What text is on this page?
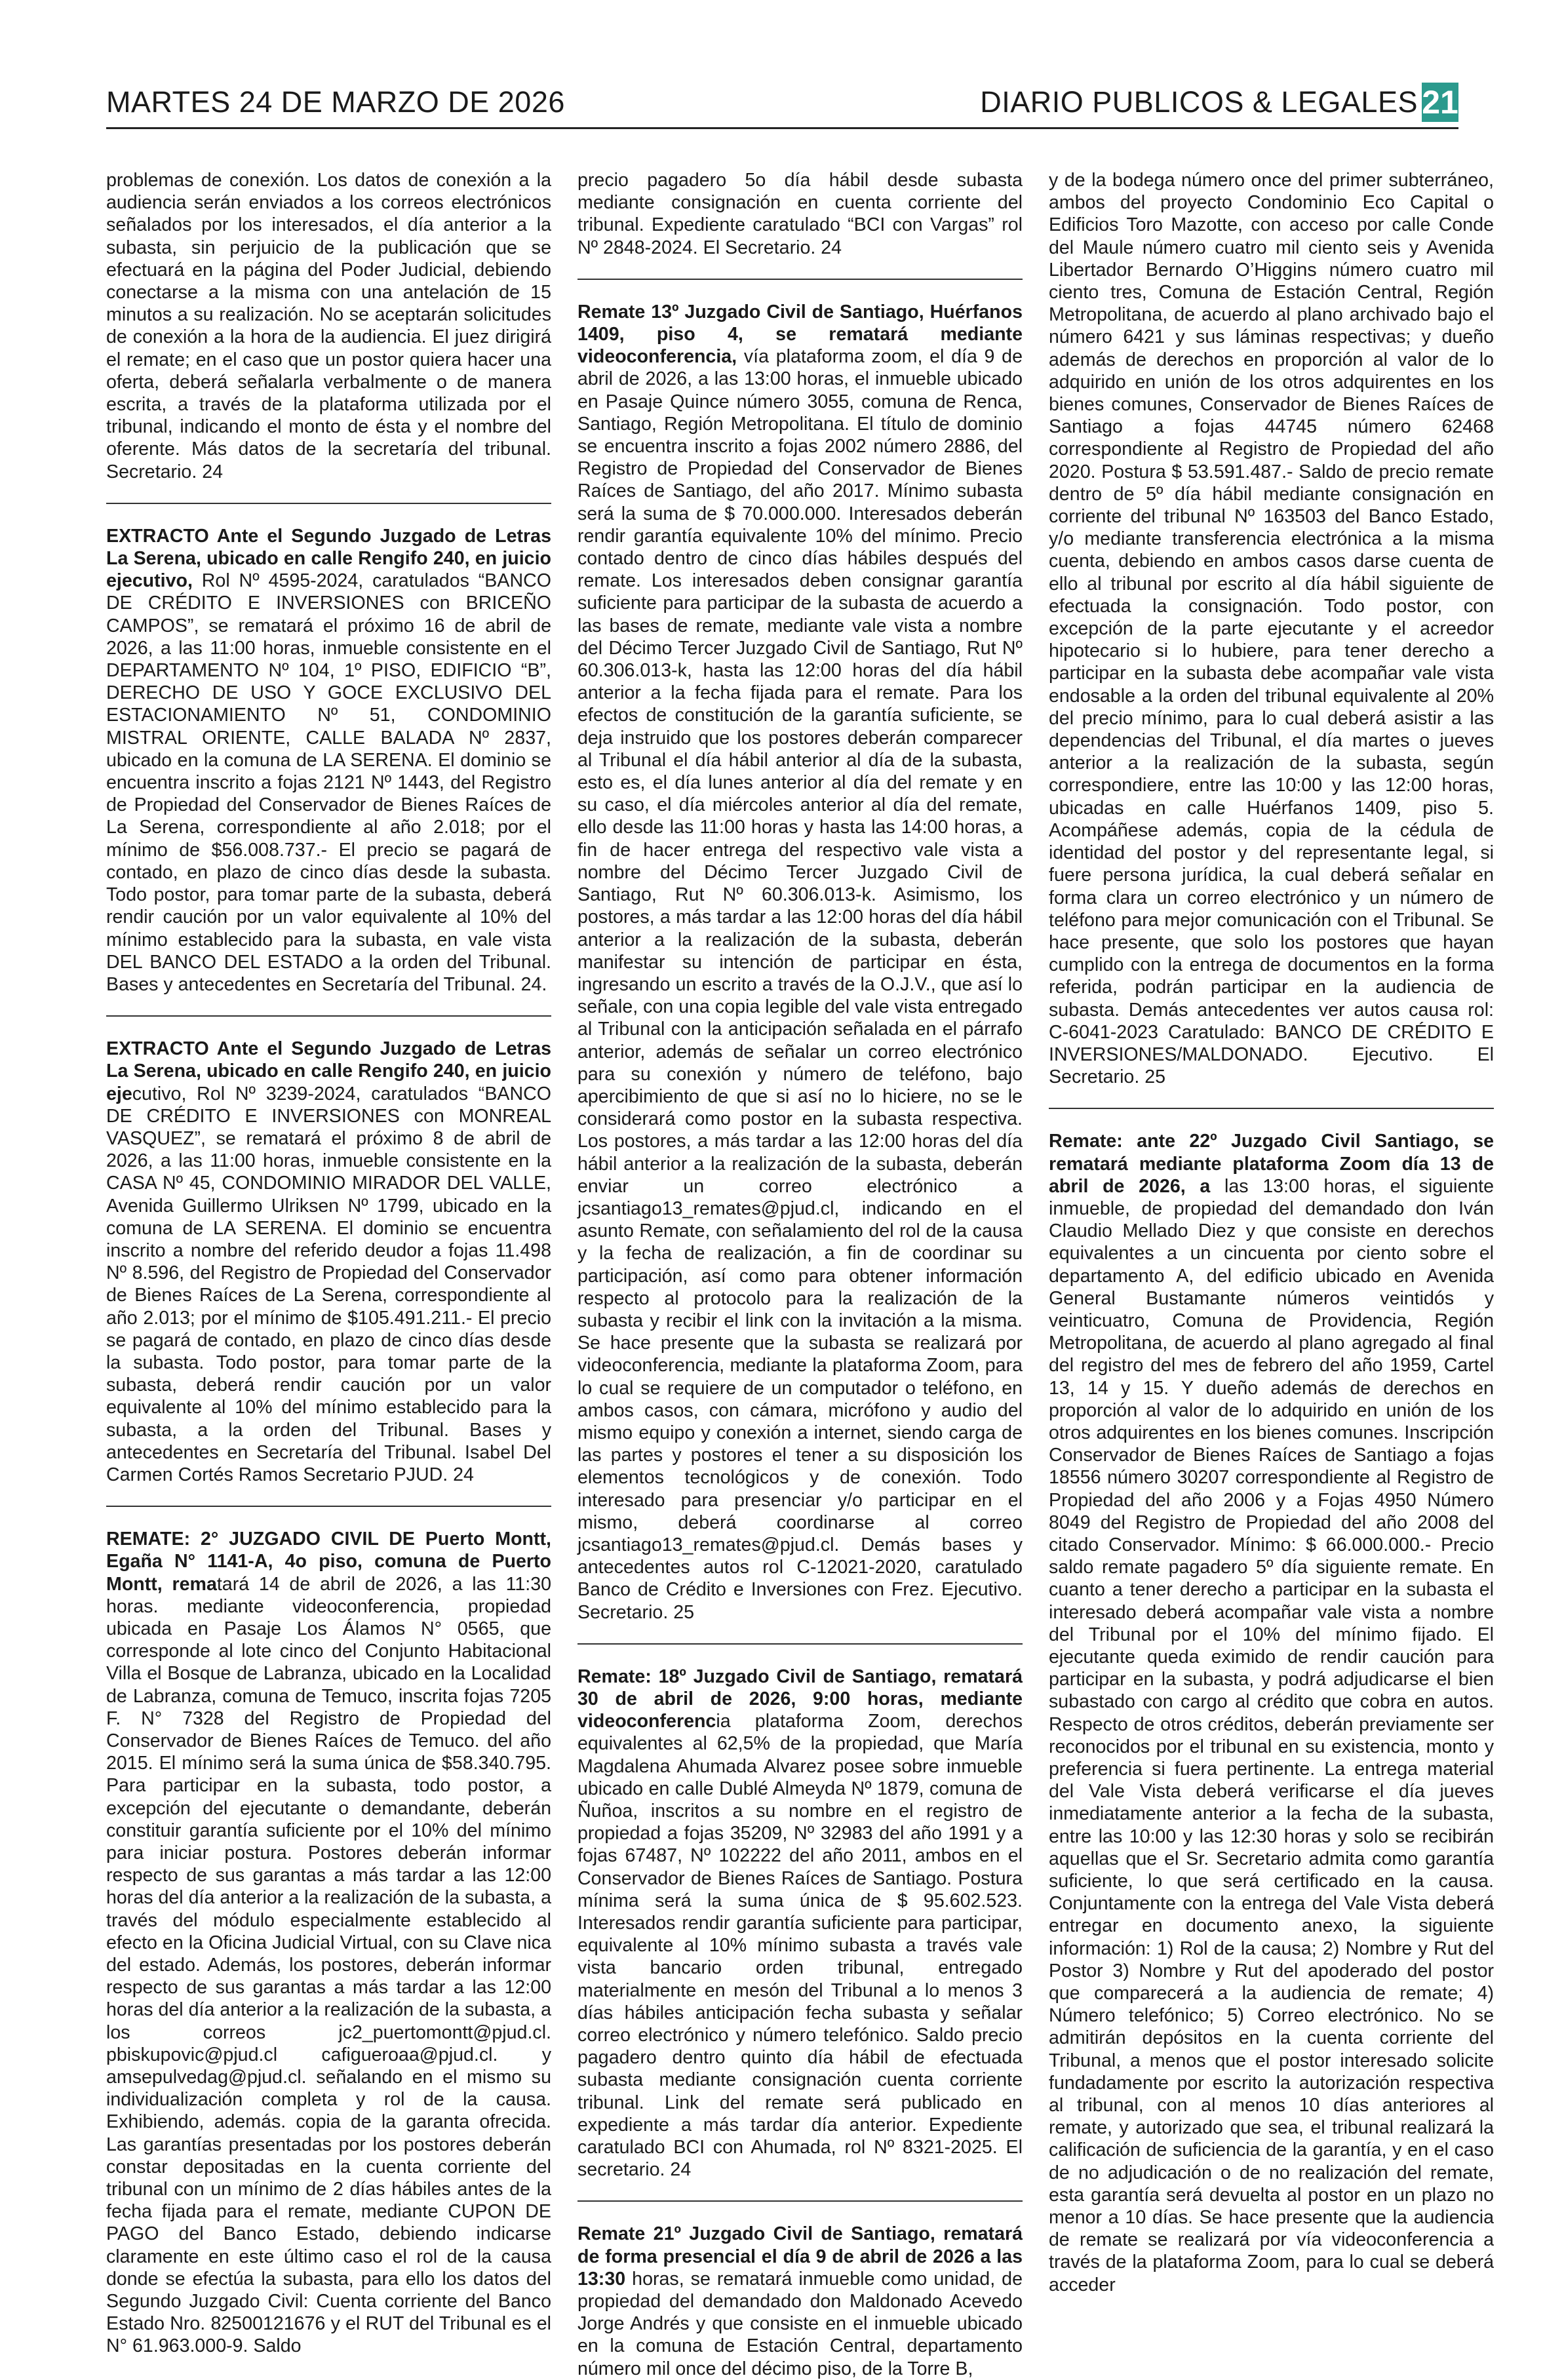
MARTES 24 DE MARZO DE 2026	DIARIO PUBLICOS & LEGALES 21
problemas de conexión. Los datos de conexión a la audiencia serán enviados a los correos electrónicos señalados por los interesados, el día anterior a la subasta, sin perjuicio de la publicación que se efectuará en la página del Poder Judicial, debiendo conectarse a la misma con una antelación de 15 minutos a su realización. No se aceptarán solicitudes de conexión a la hora de la audiencia. El juez dirigirá el remate; en el caso que un postor quiera hacer una oferta, deberá señalarla verbalmente o de manera escrita, a través de la plataforma utilizada por el tribunal, indicando el monto de ésta y el nombre del oferente. Más datos de la secretaría del tribunal. Secretario. 24
EXTRACTO Ante el Segundo Juzgado de Letras La Serena, ubicado en calle Rengifo 240, en juicio ejecutivo, Rol Nº 4595-2024, caratulados “BANCO DE CRÉDITO E INVERSIONES con BRICEÑO CAMPOS”, se rematará el próximo 16 de abril de 2026, a las 11:00 horas, inmueble consistente en el DEPARTAMENTO Nº 104, 1º PISO, EDIFICIO “B”, DERECHO DE USO Y GOCE EXCLUSIVO DEL ESTACIONAMIENTO Nº 51, CONDOMINIO MISTRAL ORIENTE, CALLE BALADA Nº 2837, ubicado en la comuna de LA SERENA. El dominio se encuentra inscrito a fojas 2121 Nº 1443, del Registro de Propiedad del Conservador de Bienes Raíces de La Serena, correspondiente al año 2.018; por el mínimo de $56.008.737.- El precio se pagará de contado, en plazo de cinco días desde la subasta. Todo postor, para tomar parte de la subasta, deberá rendir caución por un valor equivalente al 10% del mínimo establecido para la subasta, en vale vista DEL BANCO DEL ESTADO a la orden del Tribunal. Bases y antecedentes en Secretaría del Tribunal. 24.
EXTRACTO Ante el Segundo Juzgado de Letras La Serena, ubicado en calle Rengifo 240, en juicio ejecutivo, Rol Nº 3239-2024, caratulados “BANCO DE CRÉDITO E INVERSIONES con MONREAL VASQUEZ”, se rematará el próximo 8 de abril de 2026, a las 11:00 horas, inmueble consistente en la CASA Nº 45, CONDOMINIO MIRADOR DEL VALLE, Avenida Guillermo Ulriksen Nº 1799, ubicado en la comuna de LA SERENA. El dominio se encuentra inscrito a nombre del referido deudor a fojas 11.498 Nº 8.596, del Registro de Propiedad del Conservador de Bienes Raíces de La Serena, correspondiente al año 2.013; por el mínimo de $105.491.211.- El precio se pagará de contado, en plazo de cinco días desde la subasta. Todo postor, para tomar parte de la subasta, deberá rendir caución por un valor equivalente al 10% del mínimo establecido para la subasta, a la orden del Tribunal. Bases y antecedentes en Secretaría del Tribunal. Isabel Del Carmen Cortés Ramos Secretario PJUD. 24
REMATE: 2° JUZGADO CIVIL DE Puerto Montt, Egaña N° 1141-A, 4o piso, comuna de Puerto Montt, rematará 14 de abril de 2026, a las 11:30 horas. mediante videoconferencia, propiedad ubicada en Pasaje Los Álamos N° 0565, que corresponde al lote cinco del Conjunto Habitacional Villa el Bosque de Labranza, ubicado en la Localidad de Labranza, comuna de Temuco, inscrita fojas 7205 F. N° 7328 del Registro de Propiedad del Conservador de Bienes Raíces de Temuco. del año 2015. El mínimo será la suma única de $58.340.795. Para participar en la subasta, todo postor, a excepción del ejecutante o demandante, deberán constituir garantía suficiente por el 10% del mínimo para iniciar postura. Postores deberán informar respecto de sus garantas a más tardar a las 12:00 horas del día anterior a la realización de la subasta, a través del módulo especialmente establecido al efecto en la Oficina Judicial Virtual, con su Clave nica del estado. Además, los postores, deberán informar respecto de sus garantas a más tardar a las 12:00 horas del día anterior a la realización de la subasta, a los correos jc2_puertomontt@pjud.cl. pbiskupovic@pjud.cl cafigueroaa@pjud.cl. y amsepulvedag@pjud.cl. señalando en el mismo su individualización completa y rol de la causa. Exhibiendo, además. copia de la garanta ofrecida. Las garantías presentadas por los postores deberán constar depositadas en la cuenta corriente del tribunal con un mínimo de 2 días hábiles antes de la fecha fijada para el remate, mediante CUPON DE PAGO del Banco Estado, debiendo indicarse claramente en este último caso el rol de la causa donde se efectúa la subasta, para ello los datos del Segundo Juzgado Civil: Cuenta corriente del Banco Estado Nro. 82500121676 y el RUT del Tribunal es el N° 61.963.000-9. Saldo
precio pagadero 5o día hábil desde subasta mediante consignación en cuenta corriente del tribunal. Expediente caratulado “BCI con Vargas” rol Nº 2848-2024. El Secretario. 24
Remate 13º Juzgado Civil de Santiago, Huérfanos 1409, piso 4, se rematará mediante videoconferencia, vía plataforma zoom, el día 9 de abril de 2026, a las 13:00 horas, el inmueble ubicado en Pasaje Quince número 3055, comuna de Renca, Santiago, Región Metropolitana. El título de dominio se encuentra inscrito a fojas 2002 número 2886, del Registro de Propiedad del Conservador de Bienes Raíces de Santiago, del año 2017. Mínimo subasta será la suma de $ 70.000.000. Interesados deberán rendir garantía equivalente 10% del mínimo. Precio contado dentro de cinco días hábiles después del remate. Los interesados deben consignar garantía suficiente para participar de la subasta de acuerdo a las bases de remate, mediante vale vista a nombre del Décimo Tercer Juzgado Civil de Santiago, Rut Nº 60.306.013-k, hasta las 12:00 horas del día hábil anterior a la fecha fijada para el remate. Para los efectos de constitución de la garantía suficiente, se deja instruido que los postores deberán comparecer al Tribunal el día hábil anterior al día de la subasta, esto es, el día lunes anterior al día del remate y en su caso, el día miércoles anterior al día del remate, ello desde las 11:00 horas y hasta las 14:00 horas, a fin de hacer entrega del respectivo vale vista a nombre del Décimo Tercer Juzgado Civil de Santiago, Rut Nº 60.306.013-k. Asimismo, los postores, a más tardar a las 12:00 horas del día hábil anterior a la realización de la subasta, deberán manifestar su intención de participar en ésta, ingresando un escrito a través de la O.J.V., que así lo señale, con una copia legible del vale vista entregado al Tribunal con la anticipación señalada en el párrafo anterior, además de señalar un correo electrónico para su conexión y número de teléfono, bajo apercibimiento de que si así no lo hiciere, no se le considerará como postor en la subasta respectiva. Los postores, a más tardar a las 12:00 horas del día hábil anterior a la realización de la subasta, deberán enviar un correo electrónico a jcsantiago13_remates@pjud.cl, indicando en el asunto Remate, con señalamiento del rol de la causa y la fecha de realización, a fin de coordinar su participación, así como para obtener información respecto al protocolo para la realización de la subasta y recibir el link con la invitación a la misma. Se hace presente que la subasta se realizará por videoconferencia, mediante la plataforma Zoom, para lo cual se requiere de un computador o teléfono, en ambos casos, con cámara, micrófono y audio del mismo equipo y conexión a internet, siendo carga de las partes y postores el tener a su disposición los elementos tecnológicos y de conexión. Todo interesado para presenciar y/o participar en el mismo, deberá coordinarse al correo jcsantiago13_remates@pjud.cl. Demás bases y antecedentes autos rol C-12021-2020, caratulado Banco de Crédito e Inversiones con Frez. Ejecutivo. Secretario. 25
Remate: 18º Juzgado Civil de Santiago, rematará 30 de abril de 2026, 9:00 horas, mediante videoconferencia plataforma Zoom, derechos equivalentes al 62,5% de la propiedad, que María Magdalena Ahumada Alvarez posee sobre inmueble ubicado en calle Dublé Almeyda Nº 1879, comuna de Ñuñoa, inscritos a su nombre en el registro de propiedad a fojas 35209, Nº 32983 del año 1991 y a fojas 67487, Nº 102222 del año 2011, ambos en el Conservador de Bienes Raíces de Santiago. Postura mínima será la suma única de $ 95.602.523. Interesados rendir garantía suficiente para participar, equivalente al 10% mínimo subasta a través vale vista bancario orden tribunal, entregado materialmente en mesón del Tribunal a lo menos 3 días hábiles anticipación fecha subasta y señalar correo electrónico y número telefónico. Saldo precio pagadero dentro quinto día hábil de efectuada subasta mediante consignación cuenta corriente tribunal. Link del remate será publicado en expediente a más tardar día anterior. Expediente caratulado BCI con Ahumada, rol Nº 8321-2025. El secretario. 24
Remate 21º Juzgado Civil de Santiago, rematará de forma presencial el día 9 de abril de 2026 a las 13:30 horas, se rematará inmueble como unidad, de propiedad del demandado don Maldonado Acevedo Jorge Andrés y que consiste en el inmueble ubicado en la comuna de Estación Central, departamento número mil once del décimo piso, de la Torre B,
y de la bodega número once del primer subterráneo, ambos del proyecto Condominio Eco Capital o Edificios Toro Mazotte, con acceso por calle Conde del Maule número cuatro mil ciento seis y Avenida Libertador Bernardo O’Higgins número cuatro mil ciento tres, Comuna de Estación Central, Región Metropolitana, de acuerdo al plano archivado bajo el número 6421 y sus láminas respectivas; y dueño además de derechos en proporción al valor de lo adquirido en unión de los otros adquirentes en los bienes comunes, Conservador de Bienes Raíces de Santiago a fojas 44745 número 62468 correspondiente al Registro de Propiedad del año 2020. Postura $ 53.591.487.- Saldo de precio remate dentro de 5º día hábil mediante consignación en corriente del tribunal Nº 163503 del Banco Estado, y/o mediante transferencia electrónica a la misma cuenta, debiendo en ambos casos darse cuenta de ello al tribunal por escrito al día hábil siguiente de efectuada la consignación. Todo postor, con excepción de la parte ejecutante y el acreedor hipotecario si lo hubiere, para tener derecho a participar en la subasta debe acompañar vale vista endosable a la orden del tribunal equivalente al 20% del precio mínimo, para lo cual deberá asistir a las dependencias del Tribunal, el día martes o jueves anterior a la realización de la subasta, según correspondiere, entre las 10:00 y las 12:00 horas, ubicadas en calle Huérfanos 1409, piso 5. Acompáñese además, copia de la cédula de identidad del postor y del representante legal, si fuere persona jurídica, la cual deberá señalar en forma clara un correo electrónico y un número de teléfono para mejor comunicación con el Tribunal. Se hace presente, que solo los postores que hayan cumplido con la entrega de documentos en la forma referida, podrán participar en la audiencia de subasta. Demás antecedentes ver autos causa rol: C-6041-2023 Caratulado: BANCO DE CRÉDITO E INVERSIONES/MALDONADO. Ejecutivo. El Secretario. 25
Remate: ante 22º Juzgado Civil Santiago, se rematará mediante plataforma Zoom día 13 de abril de 2026, a las 13:00 horas, el siguiente inmueble, de propiedad del demandado don Iván Claudio Mellado Diez y que consiste en derechos equivalentes a un cincuenta por ciento sobre el departamento A, del edificio ubicado en Avenida General Bustamante números veintidós y veinticuatro, Comuna de Providencia, Región Metropolitana, de acuerdo al plano agregado al final del registro del mes de febrero del año 1959, Cartel 13, 14 y 15. Y dueño además de derechos en proporción al valor de lo adquirido en unión de los otros adquirentes en los bienes comunes. Inscripción Conservador de Bienes Raíces de Santiago a fojas 18556 número 30207 correspondiente al Registro de Propiedad del año 2006 y a Fojas 4950 Número 8049 del Registro de Propiedad del año 2008 del citado Conservador. Mínimo: $ 66.000.000.- Precio saldo remate pagadero 5º día siguiente remate. En cuanto a tener derecho a participar en la subasta el interesado deberá acompañar vale vista a nombre del Tribunal por el 10% del mínimo fijado. El ejecutante queda eximido de rendir caución para participar en la subasta, y podrá adjudicarse el bien subastado con cargo al crédito que cobra en autos. Respecto de otros créditos, deberán previamente ser reconocidos por el tribunal en su existencia, monto y preferencia si fuera pertinente. La entrega material del Vale Vista deberá verificarse el día jueves inmediatamente anterior a la fecha de la subasta, entre las 10:00 y las 12:30 horas y solo se recibirán aquellas que el Sr. Secretario admita como garantía suficiente, lo que será certificado en la causa. Conjuntamente con la entrega del Vale Vista deberá entregar en documento anexo, la siguiente información: 1) Rol de la causa; 2) Nombre y Rut del Postor 3) Nombre y Rut del apoderado del postor que comparecerá a la audiencia de remate; 4) Número telefónico; 5) Correo electrónico. No se admitirán depósitos en la cuenta corriente del Tribunal, a menos que el postor interesado solicite fundadamente por escrito la autorización respectiva al tribunal, con al menos 10 días anteriores al remate, y autorizado que sea, el tribunal realizará la calificación de suficiencia de la garantía, y en el caso de no adjudicación o de no realización del remate, esta garantía será devuelta al postor en un plazo no menor a 10 días. Se hace presente que la audiencia de remate se realizará por vía videoconferencia a través de la plataforma Zoom, para lo cual se deberá acceder
